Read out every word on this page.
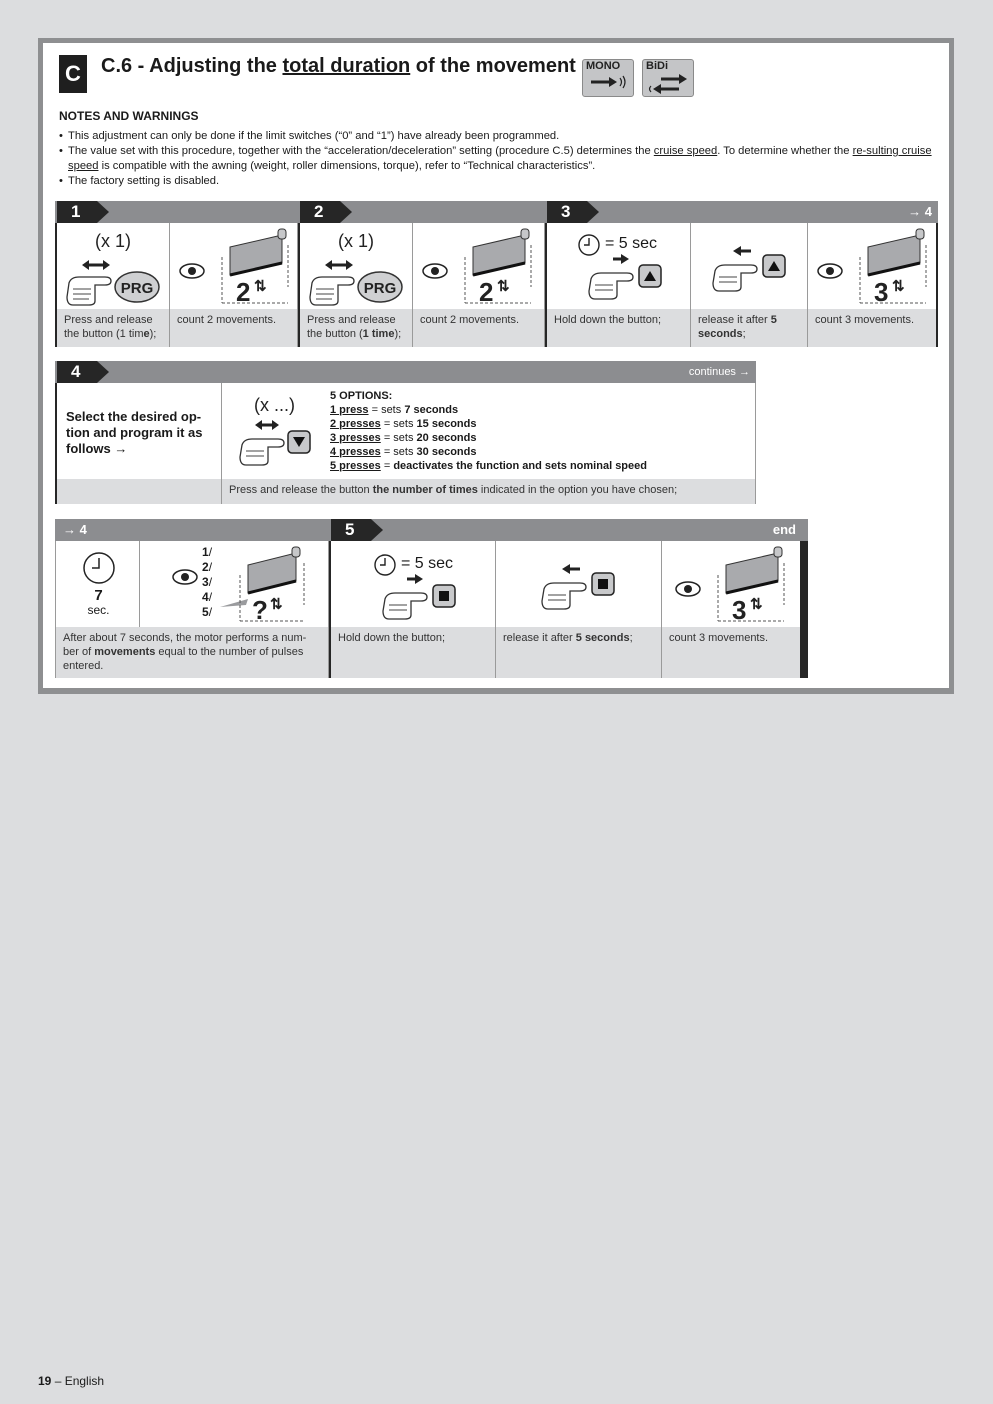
C	C.6 - Adjusting the total duration of the movement MONO BiDi
NOTES AND WARNINGS
• This adjustment can only be done if the limit switches (“0” and “1”) have already been programmed.
• The value set with this procedure, together with the “acceleration/deceleration” setting (procedure C.5) determines the cruise speed. To determine whether the re-sulting cruise speed is compatible with the awning (weight, roller dimensions, torque), refer to “Technical characteristics”.
• The factory setting is disabled.
1	2	3	→ 4
(x 1)
PRG	2 ⇅
Press and release the button (1 time);
count 2 movements.
(x 1)
PRG	2 ⇅
Press and release the button (1 time);
count 2 movements.
= 5 sec
3 ⇅
Hold down the button;	release it after 5 seconds;
count 3 movements.
4	continues →
Select the desired op-tion and program it as follows →
(x ...)	5 OPTIONS:
1 press = sets 7 seconds
2 presses = sets 15 seconds
3 presses = sets 20 seconds
4 presses = sets 30 seconds
5 presses = deactivates the function and sets nominal speed
Press and release the button the number of times indicated in the option you have chosen;
→ 4	5	end
7
sec.
1/
2/
3/
4/
5/ ? ⇅
= 5 sec
3 ⇅
After about 7 seconds, the motor performs a num-ber of movements equal to the number of pulses entered.
Hold down the button;	release it after 5 seconds;	count 3 movements.
19 – English
